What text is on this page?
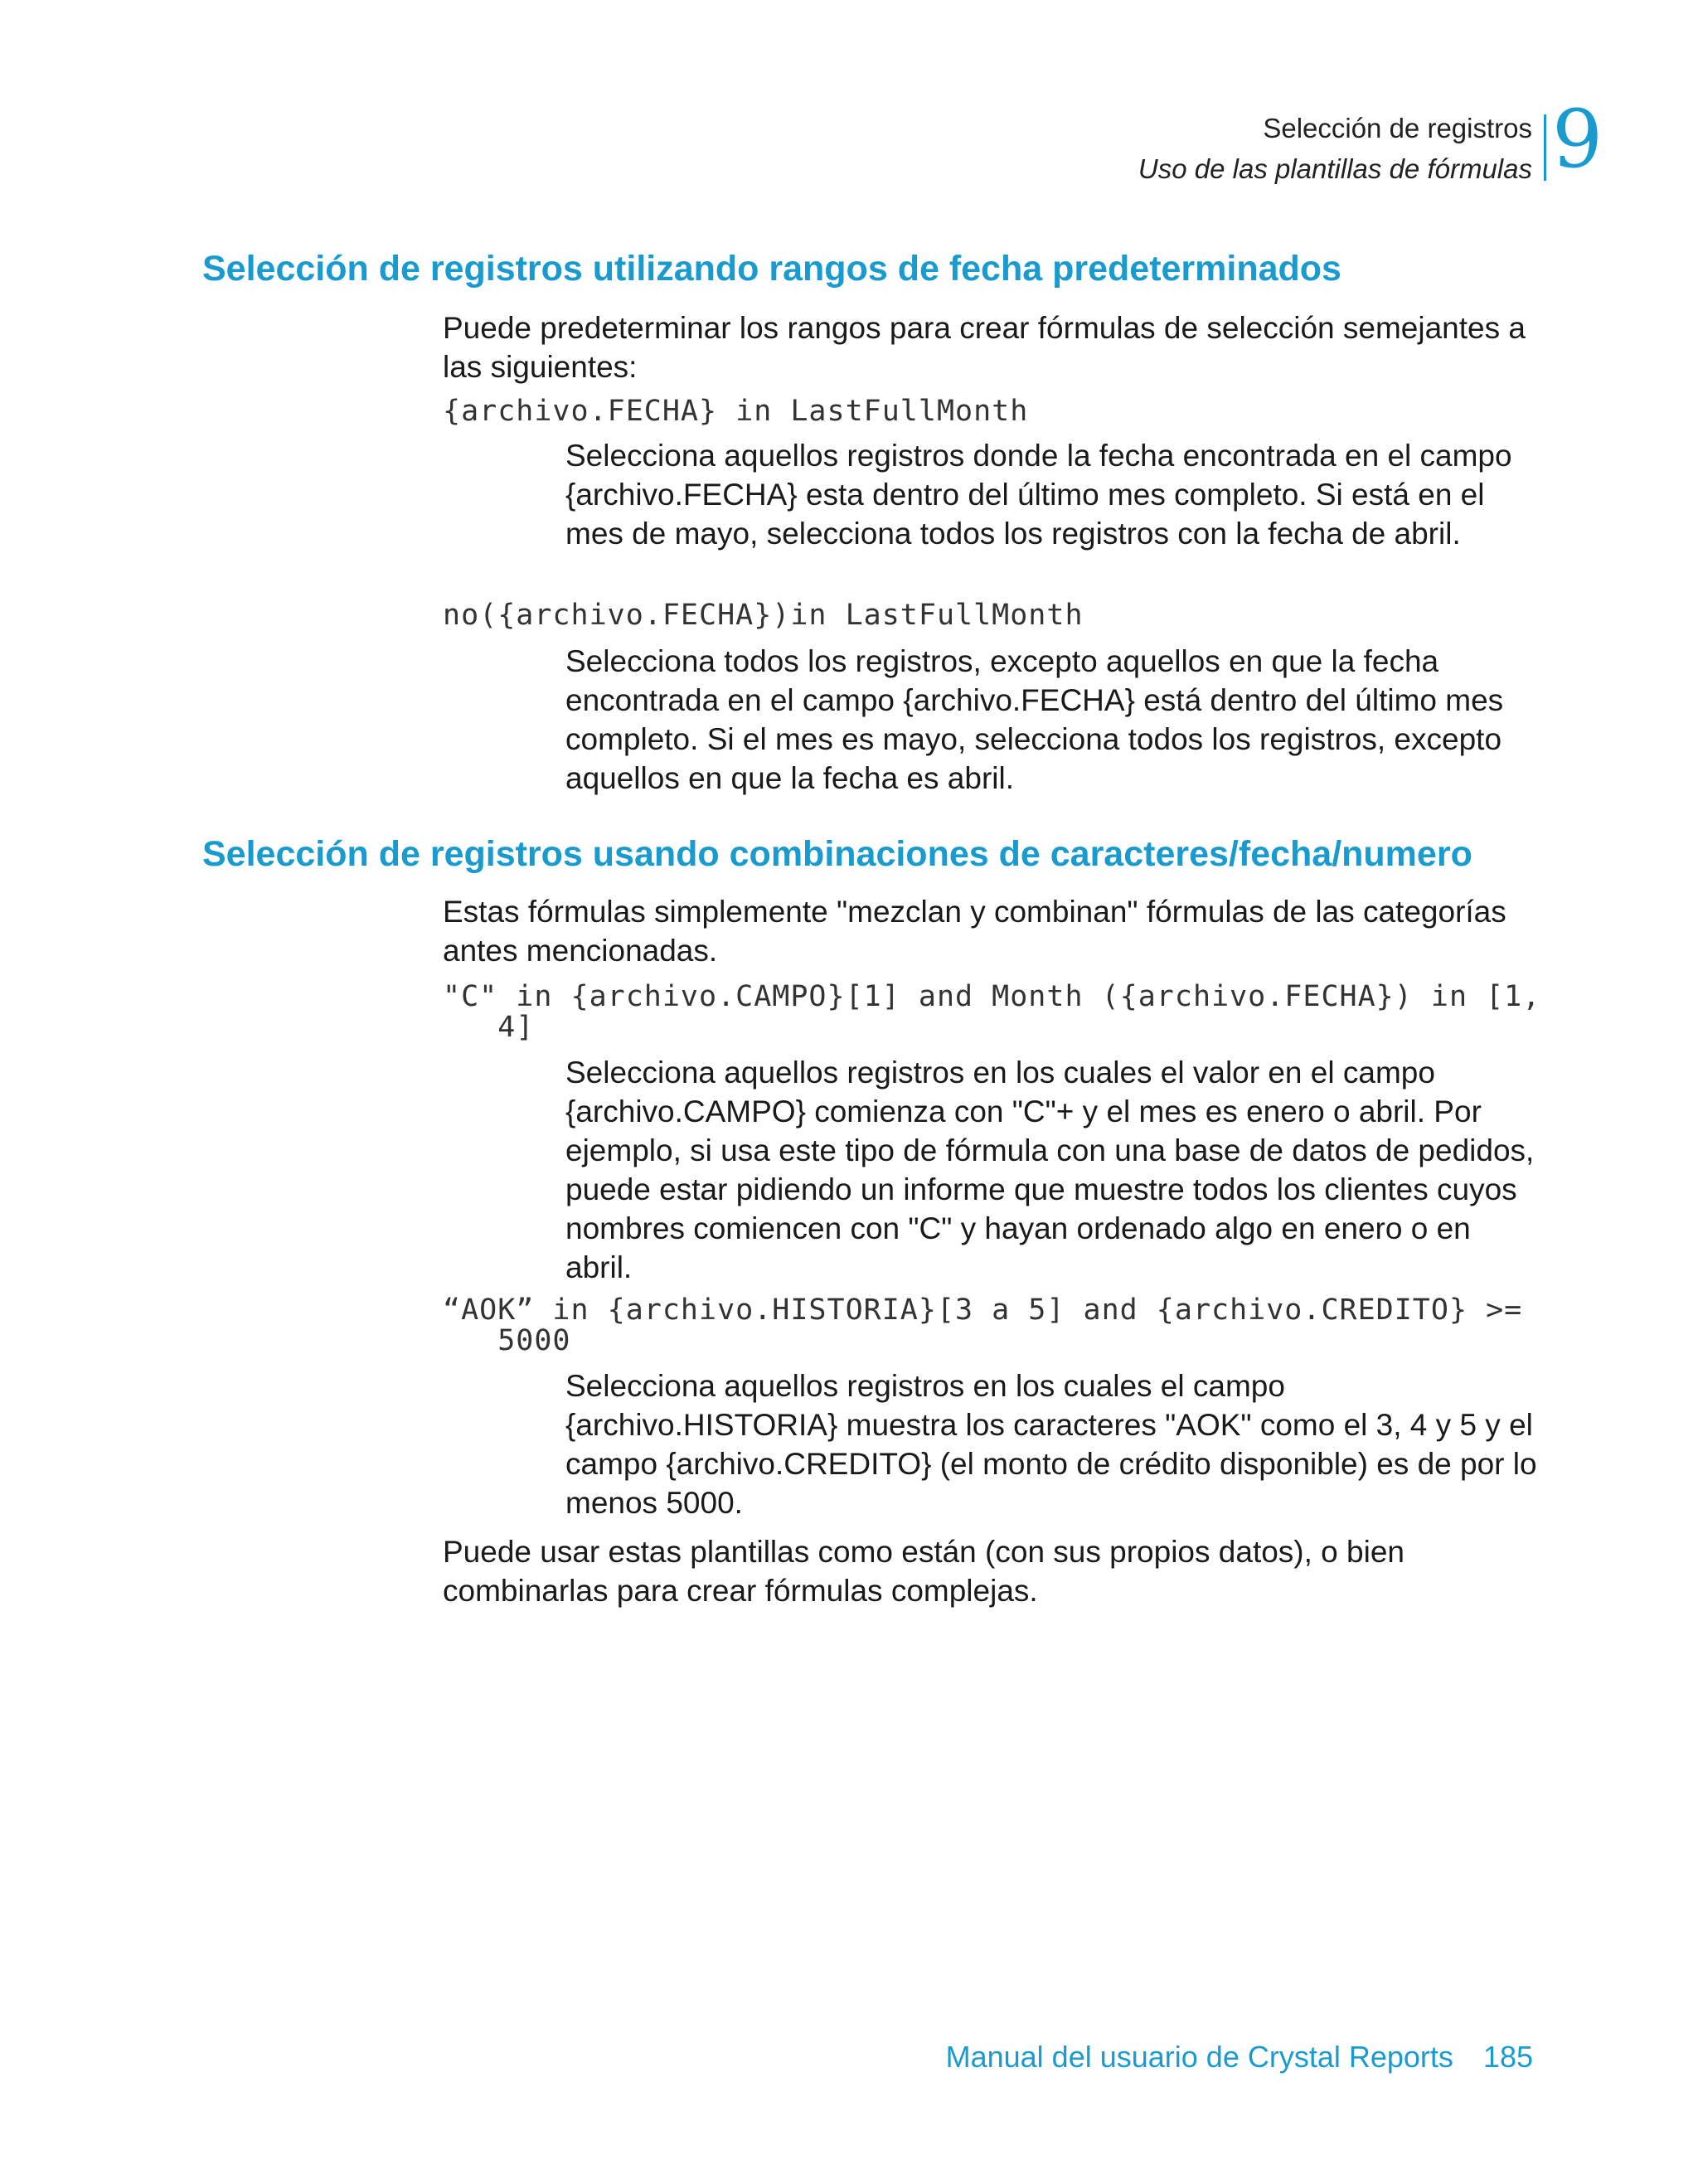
Selección de registros
Uso de las plantillas de fórmulas 9
Selección de registros utilizando rangos de fecha predeterminados
Puede predeterminar los rangos para crear fórmulas de selección semejantes a las siguientes:
{archivo.FECHA} in LastFullMonth
Selecciona aquellos registros donde la fecha encontrada en el campo {archivo.FECHA} esta dentro del último mes completo. Si está en el mes de mayo, selecciona todos los registros con la fecha de abril.
no({archivo.FECHA})in LastFullMonth
Selecciona todos los registros, excepto aquellos en que la fecha encontrada en el campo {archivo.FECHA} está dentro del último mes completo. Si el mes es mayo, selecciona todos los registros, excepto aquellos en que la fecha es abril.
Selección de registros usando combinaciones de caracteres/fecha/numero
Estas fórmulas simplemente "mezclan y combinan" fórmulas de las categorías antes mencionadas.
"C" in {archivo.CAMPO}[1] and Month ({archivo.FECHA}) in [1,
4]
Selecciona aquellos registros en los cuales el valor en el campo {archivo.CAMPO} comienza con "C"+ y el mes es enero o abril. Por ejemplo, si usa este tipo de fórmula con una base de datos de pedidos, puede estar pidiendo un informe que muestre todos los clientes cuyos nombres comiencen con "C" y hayan ordenado algo en enero o en abril.
“AOK” in {archivo.HISTORIA}[3 a 5] and {archivo.CREDITO} >=
5000
Selecciona aquellos registros en los cuales el campo {archivo.HISTORIA} muestra los caracteres "AOK" como el 3, 4 y 5 y el campo {archivo.CREDITO} (el monto de crédito disponible) es de por lo menos 5000.
Puede usar estas plantillas como están (con sus propios datos), o bien combinarlas para crear fórmulas complejas.
Manual del usuario de Crystal Reports 185
